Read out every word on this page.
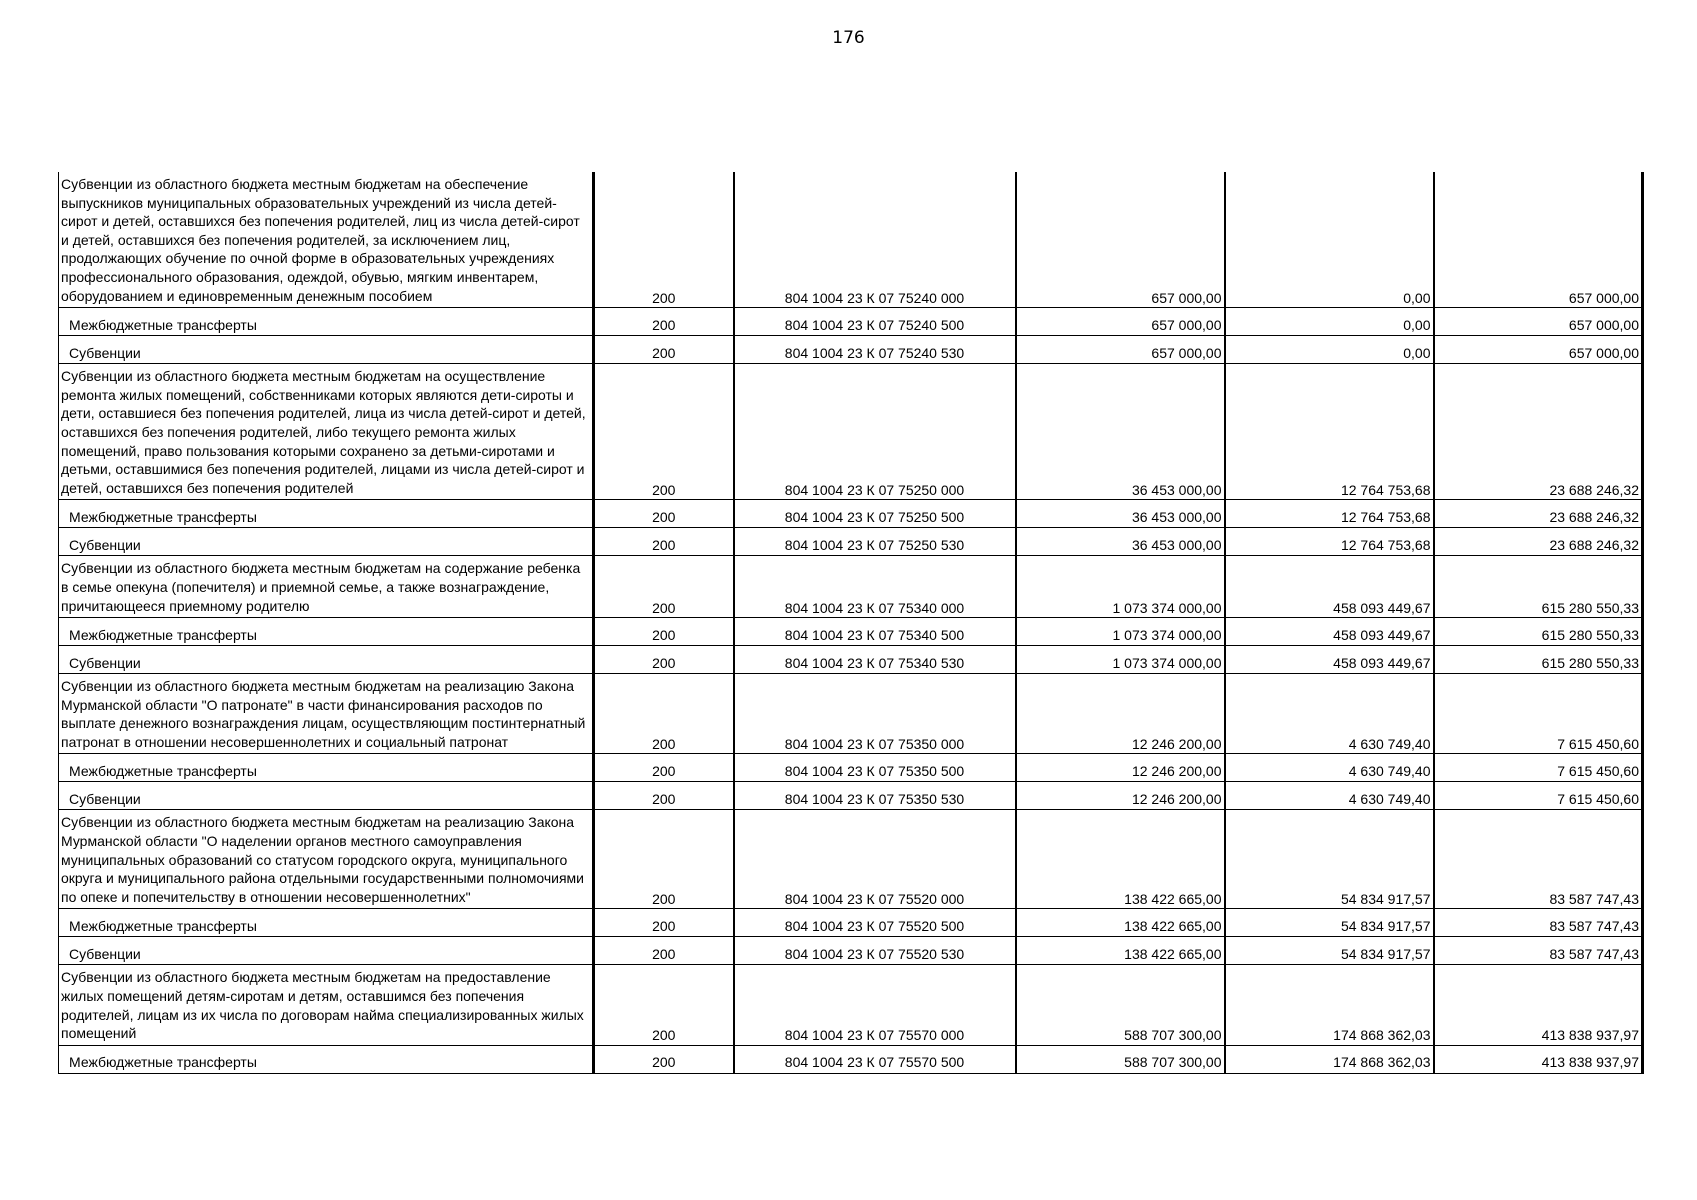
176
Субвенции из областного бюджета местным бюджетам на обеспечение выпускников муниципальных образовательных учреждений из числа детей-сирот и детей, оставшихся без попечения родителей, лиц из числа детей-сирот и детей, оставшихся без попечения родителей, за исключением лиц, продолжающих обучение по очной форме в образовательных учреждениях профессионального образования, одеждой, обувью, мягким инвентарем, оборудованием и единовременным денежным пособием	200	804 1004 23 К 07 75240 000	657 000,00	0,00	657 000,00
Межбюджетные трансферты	200	804 1004 23 К 07 75240 500	657 000,00	0,00	657 000,00
Субвенции	200	804 1004 23 К 07 75240 530	657 000,00	0,00	657 000,00
Субвенции из областного бюджета местным бюджетам на осуществление ремонта жилых помещений, собственниками которых являются дети-сироты и дети, оставшиеся без попечения родителей, лица из числа детей-сирот и детей, оставшихся без попечения родителей, либо текущего ремонта жилых помещений, право пользования которыми сохранено за детьми-сиротами и детьми, оставшимися без попечения родителей, лицами из числа детей-сирот и детей, оставшихся без попечения родителей	200	804 1004 23 К 07 75250 000	36 453 000,00	12 764 753,68	23 688 246,32
Межбюджетные трансферты	200	804 1004 23 К 07 75250 500	36 453 000,00	12 764 753,68	23 688 246,32
Субвенции	200	804 1004 23 К 07 75250 530	36 453 000,00	12 764 753,68	23 688 246,32
Субвенции из областного бюджета местным бюджетам на содержание ребенка в семье опекуна (попечителя) и приемной семье, а также вознаграждение, причитающееся приемному родителю	200	804 1004 23 К 07 75340 000	1 073 374 000,00	458 093 449,67	615 280 550,33
Межбюджетные трансферты	200	804 1004 23 К 07 75340 500	1 073 374 000,00	458 093 449,67	615 280 550,33
Субвенции	200	804 1004 23 К 07 75340 530	1 073 374 000,00	458 093 449,67	615 280 550,33
Субвенции из областного бюджета местным бюджетам на реализацию Закона Мурманской области "О патронате" в части финансирования расходов по выплате денежного вознаграждения лицам, осуществляющим постинтернатный патронат в отношении несовершеннолетних и социальный патронат	200	804 1004 23 К 07 75350 000	12 246 200,00	4 630 749,40	7 615 450,60
Межбюджетные трансферты	200	804 1004 23 К 07 75350 500	12 246 200,00	4 630 749,40	7 615 450,60
Субвенции	200	804 1004 23 К 07 75350 530	12 246 200,00	4 630 749,40	7 615 450,60
Субвенции из областного бюджета местным бюджетам на реализацию Закона Мурманской области "О наделении органов местного самоуправления муниципальных образований со статусом городского округа, муниципального округа и муниципального района отдельными государственными полномочиями по опеке и попечительству в отношении несовершеннолетних"	200	804 1004 23 К 07 75520 000	138 422 665,00	54 834 917,57	83 587 747,43
Межбюджетные трансферты	200	804 1004 23 К 07 75520 500	138 422 665,00	54 834 917,57	83 587 747,43
Субвенции	200	804 1004 23 К 07 75520 530	138 422 665,00	54 834 917,57	83 587 747,43
Субвенции из областного бюджета местным бюджетам на предоставление жилых помещений детям-сиротам и детям, оставшимся без попечения родителей, лицам из их числа по договорам найма специализированных жилых помещений	200	804 1004 23 К 07 75570 000	588 707 300,00	174 868 362,03	413 838 937,97
Межбюджетные трансферты	200	804 1004 23 К 07 75570 500	588 707 300,00	174 868 362,03	413 838 937,97
